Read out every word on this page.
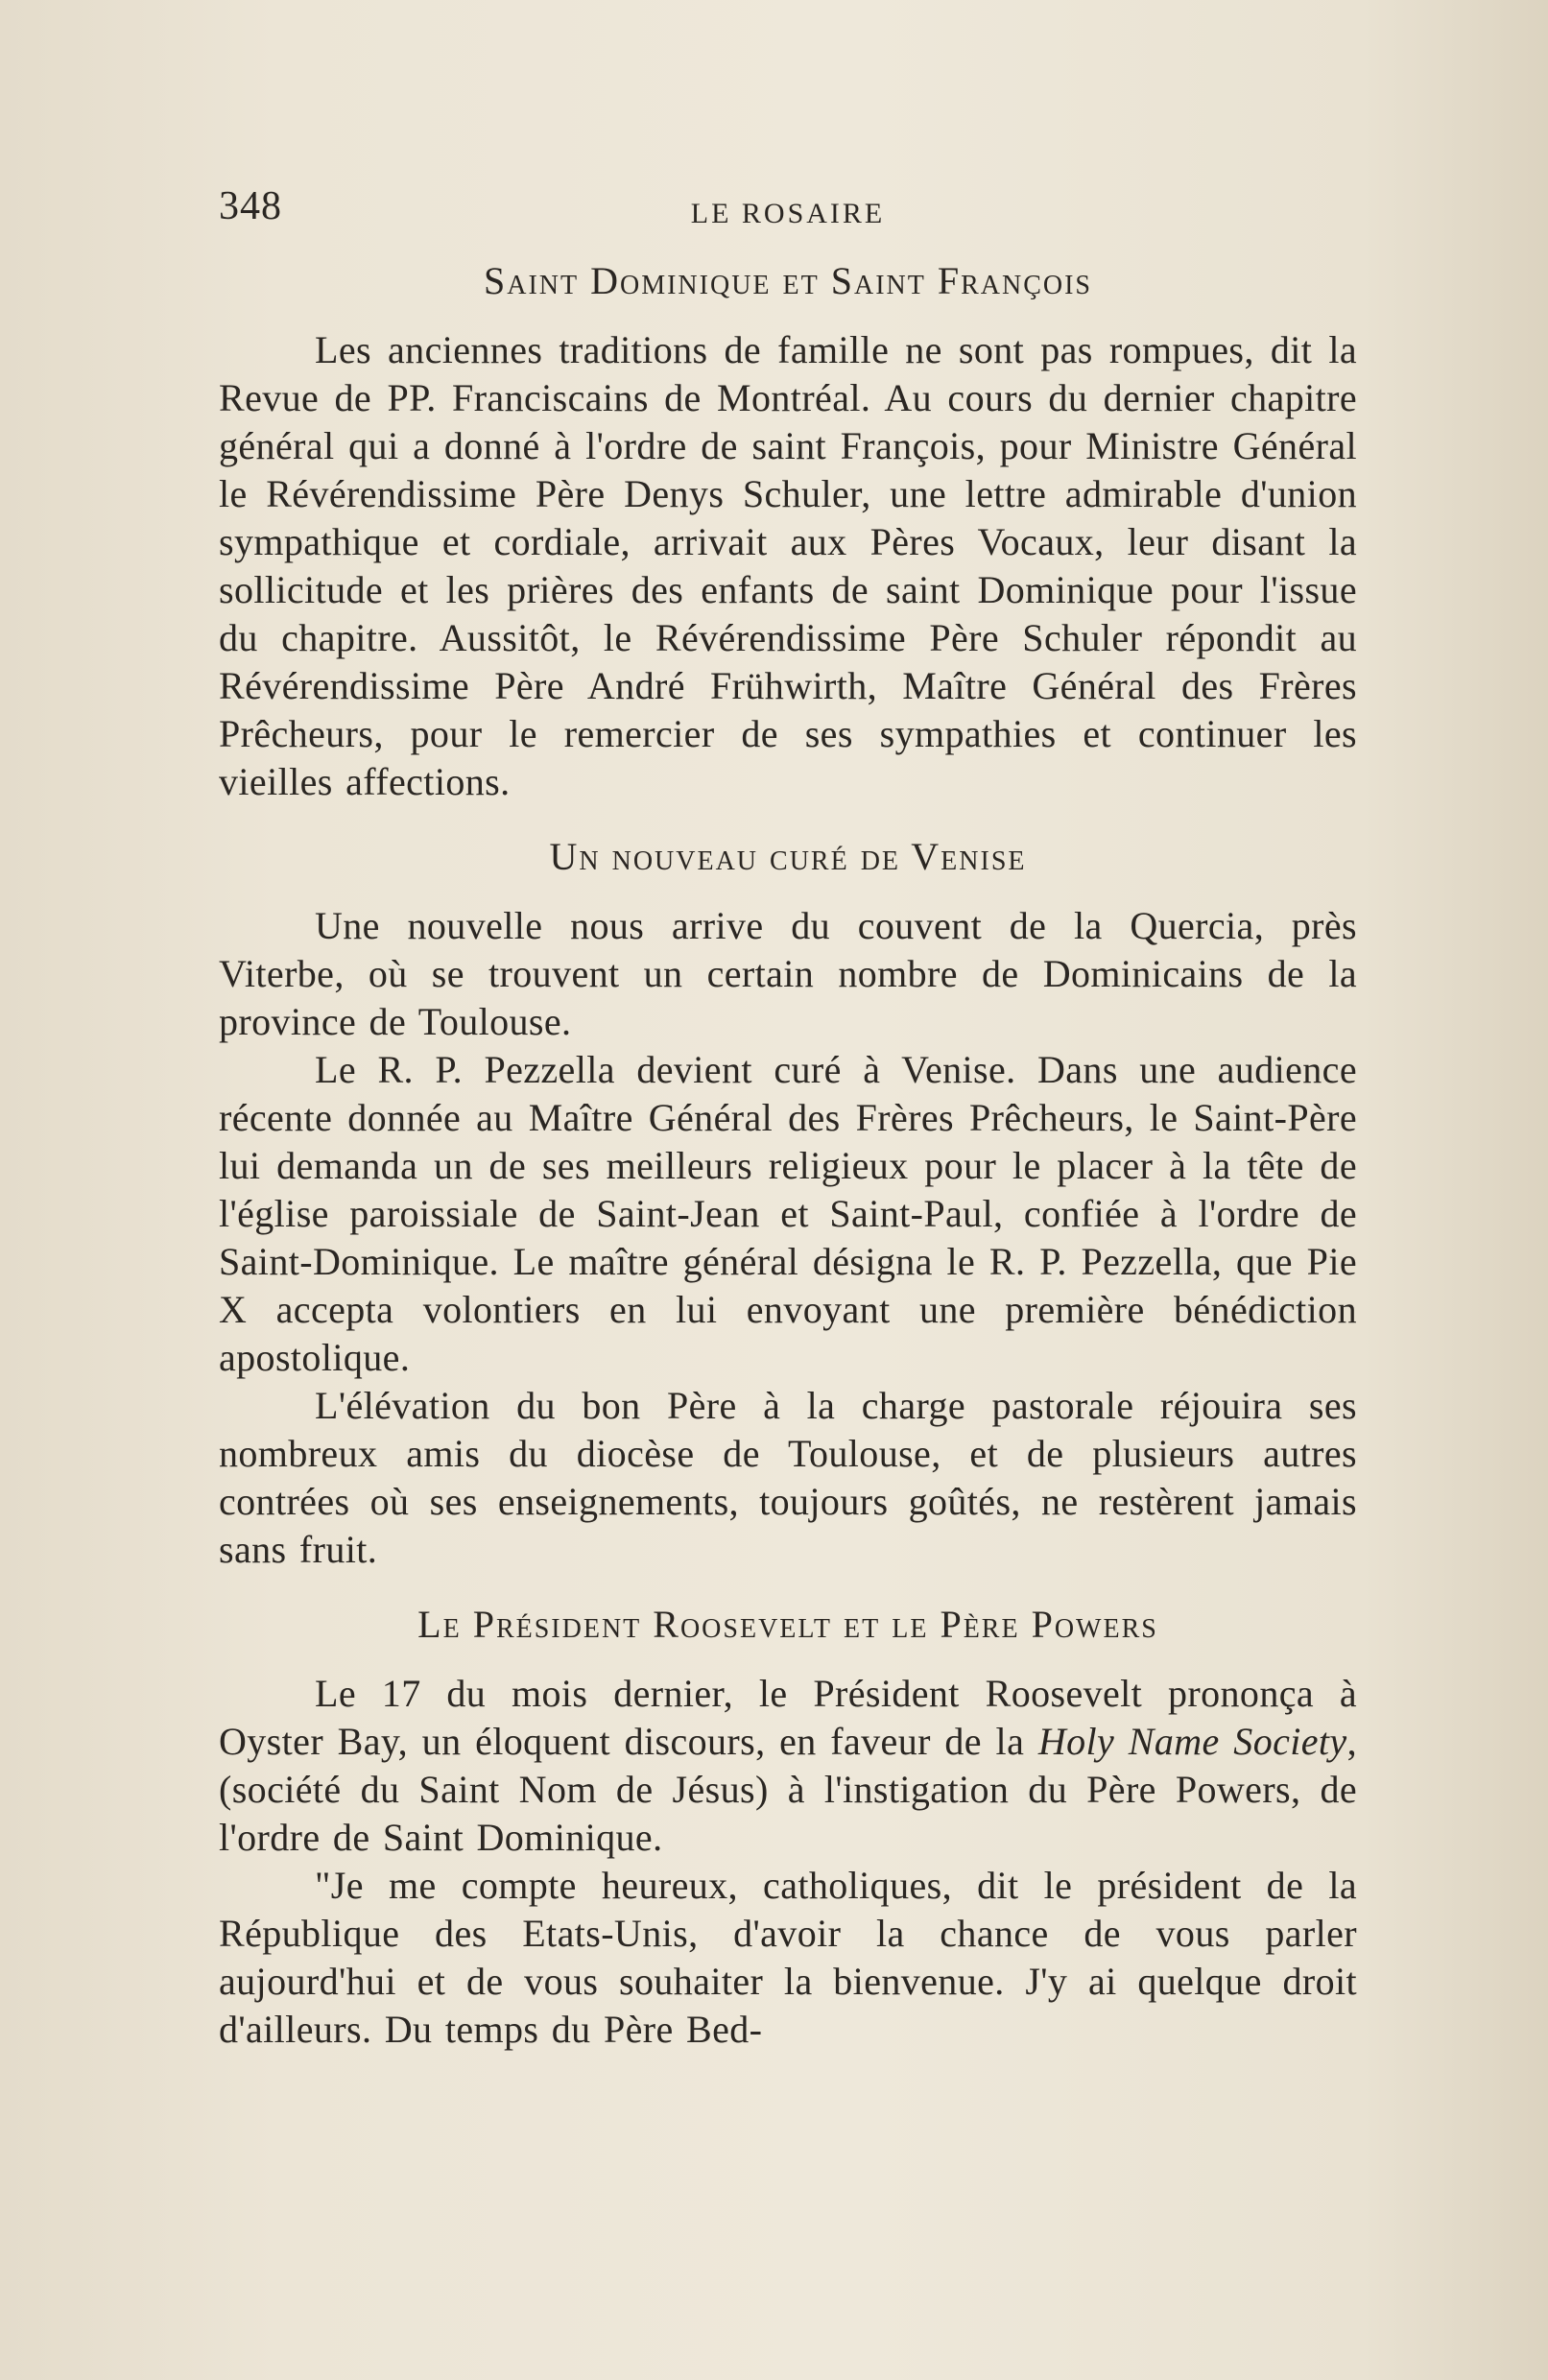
348	LE ROSAIRE
Saint Dominique et Saint François

Les anciennes traditions de famille ne sont pas rompues, dit la Revue de PP. Franciscains de Montréal. Au cours du dernier chapitre général qui a donné à l'ordre de saint François, pour Ministre Général le Révérendissime Père Denys Schuler, une lettre admirable d'union sympathique et cordiale, arrivait aux Pères Vocaux, leur disant la sollicitude et les prières des enfants de saint Dominique pour l'issue du chapitre. Aussitôt, le Révérendissime Père Schuler répondit au Révérendissime Père André Frühwirth, Maître Général des Frères Prêcheurs, pour le remercier de ses sympathies et continuer les vieilles affections.

Un nouveau curé de Venise

Une nouvelle nous arrive du couvent de la Quercia, près Viterbe, où se trouvent un certain nombre de Dominicains de la province de Toulouse.

Le R. P. Pezzella devient curé à Venise. Dans une audience récente donnée au Maître Général des Frères Prêcheurs, le Saint-Père lui demanda un de ses meilleurs religieux pour le placer à la tête de l'église paroissiale de Saint-Jean et Saint-Paul, confiée à l'ordre de Saint-Dominique. Le maître général désigna le R. P. Pezzella, que Pie X accepta volontiers en lui envoyant une première bénédiction apostolique.

L'élévation du bon Père à la charge pastorale réjouira ses nombreux amis du diocèse de Toulouse, et de plusieurs autres contrées où ses enseignements, toujours goûtés, ne restèrent jamais sans fruit.

Le Président Roosevelt et le Père Powers

Le 17 du mois dernier, le Président Roosevelt prononça à Oyster Bay, un éloquent discours, en faveur de la Holy Name Society, (société du Saint Nom de Jésus) à l'instigation du Père Powers, de l'ordre de Saint Dominique.

"Je me compte heureux, catholiques, dit le président de la République des Etats-Unis, d'avoir la chance de vous parler aujourd'hui et de vous souhaiter la bienvenue. J'y ai quelque droit d'ailleurs. Du temps du Père Bed-
